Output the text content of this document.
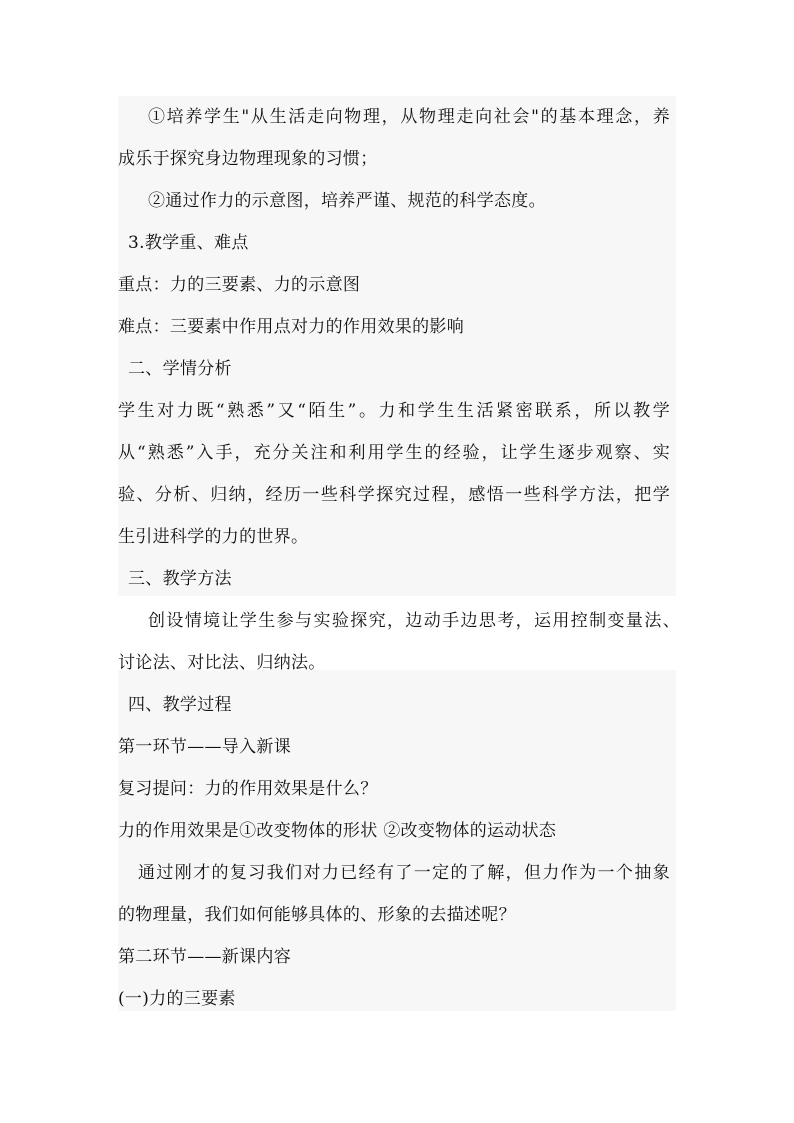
①培养学生"从生活走向物理，从物理走向社会"的基本理念，养
成乐于探究身边物理现象的习惯；
②通过作力的示意图，培养严谨、规范的科学态度。
3.教学重、难点
重点：力的三要素、力的示意图
难点：三要素中作用点对力的作用效果的影响
二、学情分析
学生对力既“熟悉”又“陌生”。力和学生生活紧密联系，所以教学
从“熟悉”入手，充分关注和利用学生的经验，让学生逐步观察、实
验、分析、归纳，经历一些科学探究过程，感悟一些科学方法，把学
生引进科学的力的世界。
三、教学方法
创设情境让学生参与实验探究，边动手边思考，运用控制变量法、
讨论法、对比法、归纳法。
四、教学过程
第一环节——导入新课
复习提问：力的作用效果是什么？
力的作用效果是①改变物体的形状 ②改变物体的运动状态
通过刚才的复习我们对力已经有了一定的了解，但力作为一个抽象
的物理量，我们如何能够具体的、形象的去描述呢？
第二环节——新课内容
(一)力的三要素
